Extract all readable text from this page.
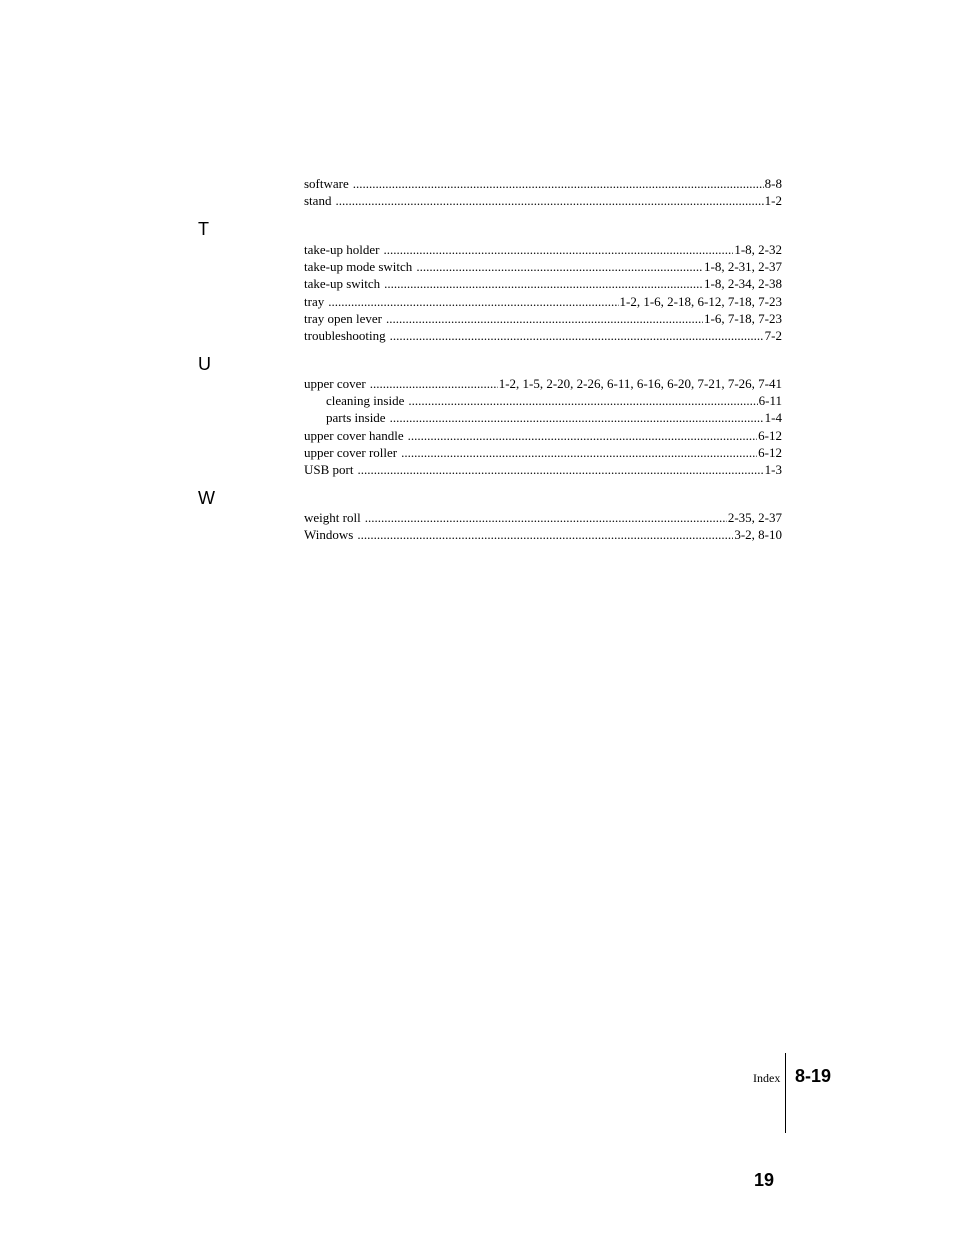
software .....	8-8
stand .....	1-2
T
take-up holder .....	1-8, 2-32
take-up mode switch .....	1-8, 2-31, 2-37
take-up switch .....	1-8, 2-34, 2-38
tray .....	1-2, 1-6, 2-18, 6-12, 7-18, 7-23
tray open lever .....	1-6, 7-18, 7-23
troubleshooting .....	7-2
U
upper cover .....	1-2, 1-5, 2-20, 2-26, 6-11, 6-16, 6-20, 7-21, 7-26, 7-41
cleaning inside .....	6-11
parts inside .....	1-4
upper cover handle .....	6-12
upper cover roller .....	6-12
USB port .....	1-3
W
weight roll .....	2-35, 2-37
Windows .....	3-2, 8-10
Index 8-19
19
